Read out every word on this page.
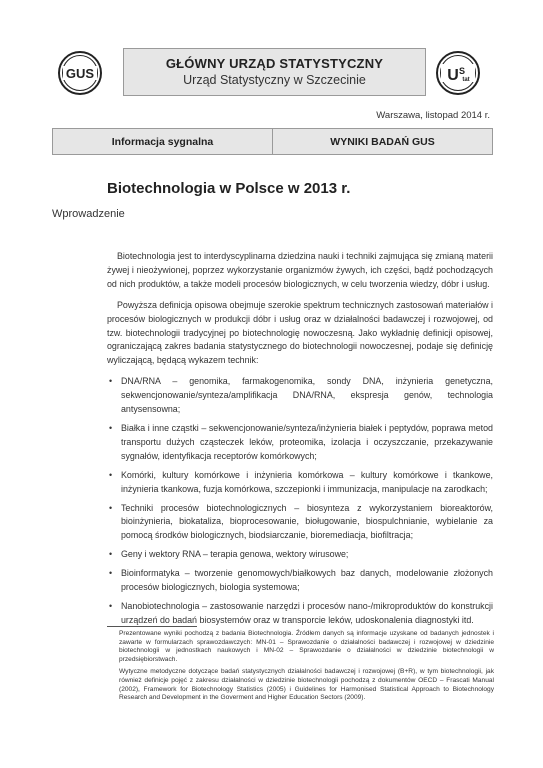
GUS	U S
tat
GŁÓWNY URZĄD STATYSTYCZNY
Urząd Statystyczny w Szczecinie
Warszawa, listopad 2014 r.
Informacja sygnalna	WYNIKI BADAŃ GUS
Biotechnologia w Polsce w 2013 r.
Wprowadzenie

Biotechnologia jest to interdyscyplinarna dziedzina nauki i techniki zajmująca się zmianą materii żywej i nieożywionej, poprzez wykorzystanie organizmów żywych, ich części, bądź pochodzących od nich produktów, a także modeli procesów biologicznych, w celu tworzenia wiedzy, dóbr i usług.

Powyższa definicja opisowa obejmuje szerokie spektrum technicznych zastosowań materiałów i procesów biologicznych w produkcji dóbr i usług oraz w działalności badawczej i rozwojowej, od tzw. biotechnologii tradycyjnej po biotechnologię nowoczesną. Jako wykładnię definicji opisowej, ograniczającą zakres badania statystycznego do biotechnologii nowoczesnej, podaje się definicję wyliczającą, będącą wykazem technik:

• DNA/RNA – genomika, farmakogenomika, sondy DNA, inżynieria genetyczna, sekwencjonowanie/synteza/amplifikacja DNA/RNA, ekspresja genów, technologia antysensowna;
• Białka i inne cząstki – sekwencjonowanie/synteza/inżynieria białek i peptydów, poprawa metod transportu dużych cząsteczek leków, proteomika, izolacja i oczyszczanie, przekazywanie sygnałów, identyfikacja receptorów komórkowych;
• Komórki, kultury komórkowe i inżynieria komórkowa – kultury komórkowe i tkankowe, inżynieria tkankowa, fuzja komórkowa, szczepionki i immunizacja, manipulacje na zarodkach;
• Techniki procesów biotechnologicznych – biosynteza z wykorzystaniem bioreaktorów, bioinżynieria, biokataliza, bioprocesowanie, bioługowanie, biospulchnianie, wybielanie za pomocą środków biologicznych, biodsiarczanie, bioremediacja, biofiltracja;
• Geny i wektory RNA – terapia genowa, wektory wirusowe;
• Bioinformatyka – tworzenie genomowych/białkowych baz danych, modelowanie złożonych procesów biologicznych, biologia systemowa;
• Nanobiotechnologia – zastosowanie narzędzi i procesów nano-/mikroproduktów do konstrukcji urządzeń do badań biosystemów oraz w transporcie leków, udoskonalenia diagnostyki itd.

Prezentowane wyniki pochodzą z badania Biotechnologia. Źródłem danych są informacje uzyskane od badanych jednostek i zawarte w formularzach sprawozdawczych: MN-01 – Sprawozdanie o działalności badawczej i rozwojowej w dziedzinie biotechnologii w jednostkach naukowych i MN-02 – Sprawozdanie o działalności w dziedzinie biotechnologii w przedsiębiorstwach.

Wytyczne metodyczne dotyczące badań statystycznych działalności badawczej i rozwojowej (B+R), w tym biotechnologii, jak również definicje pojęć z zakresu działalności w dziedzinie biotechnologii pochodzą z dokumentów OECD – Frascati Manual (2002), Framework for Biotechnology Statistics (2005) i Guidelines for Harmonised Statistical Approach to Biotechnology Research and Development in the Goverment and Higher Education Sectors (2009).
